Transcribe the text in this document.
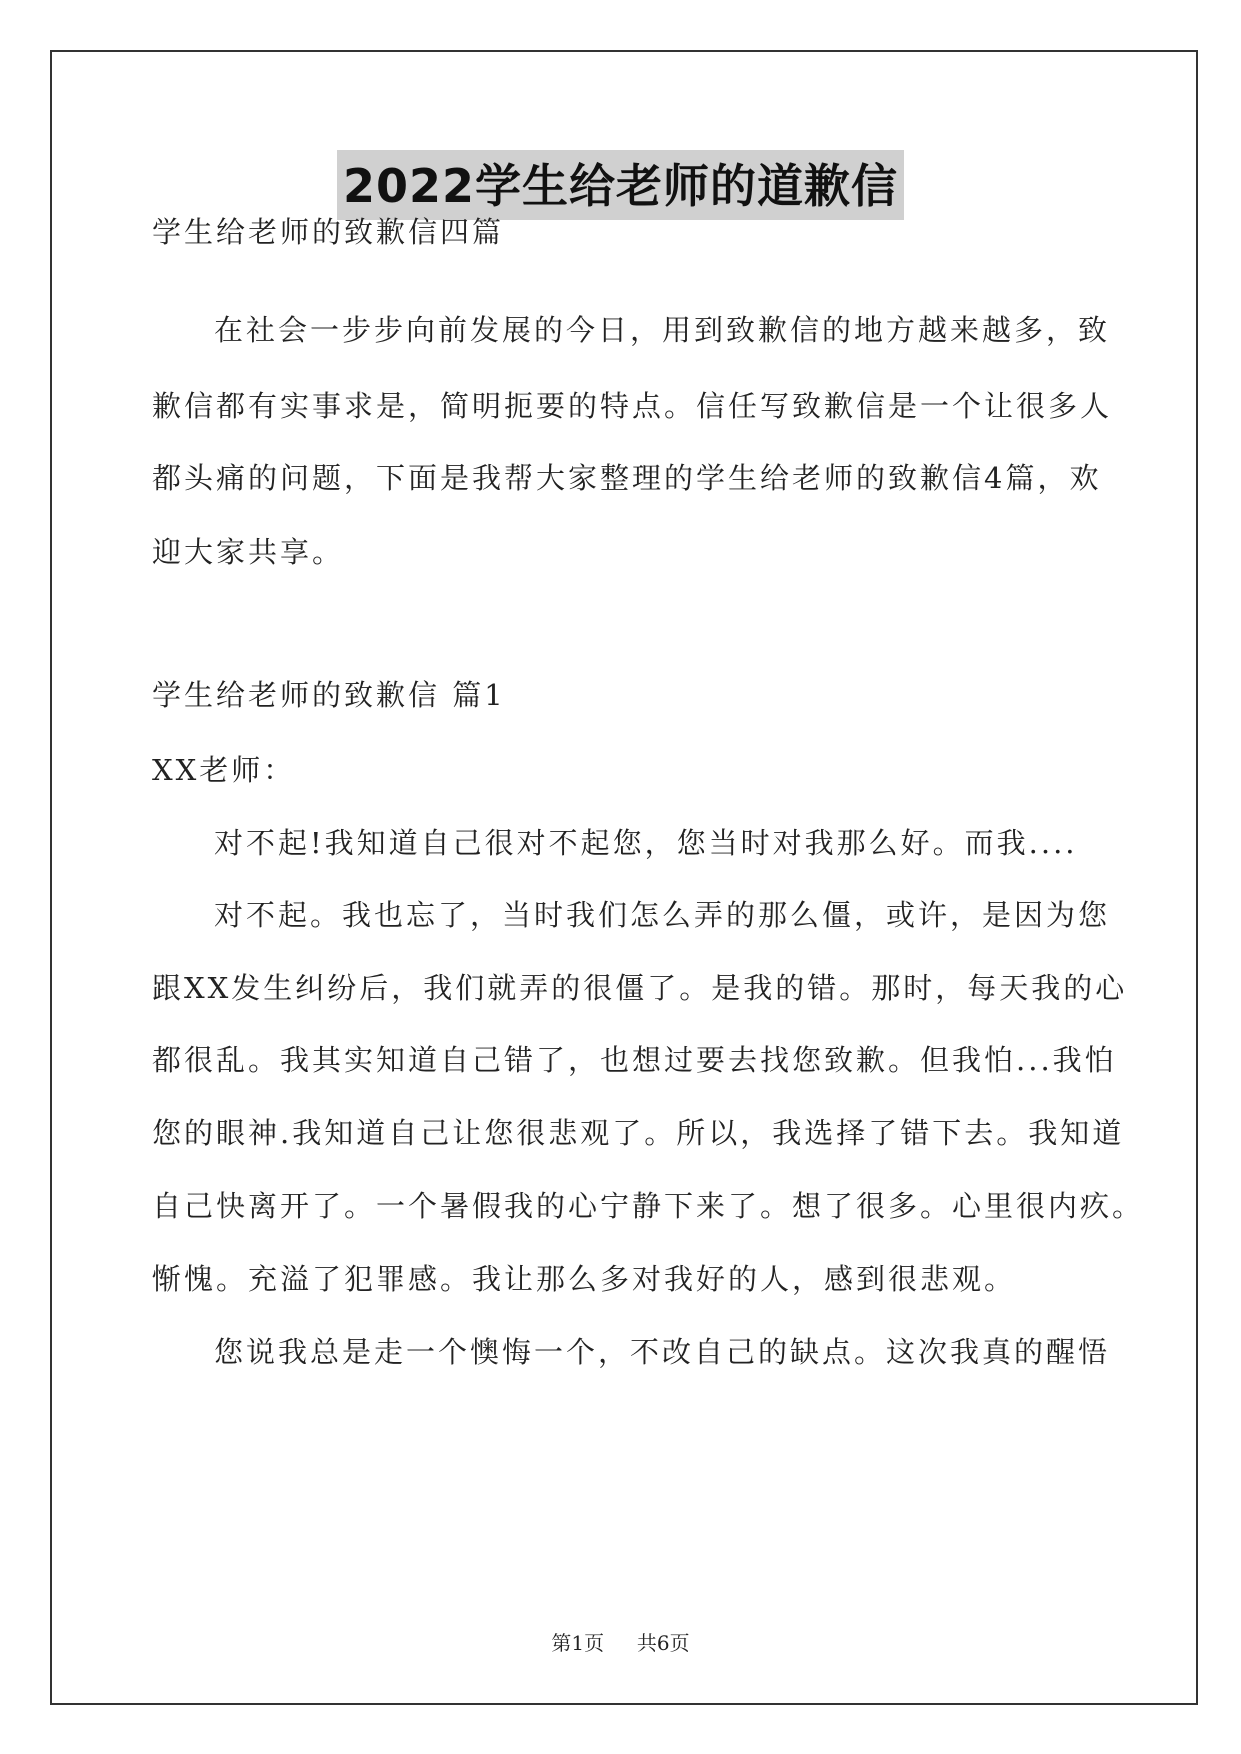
2022学生给老师的道歉信
学生给老师的致歉信四篇
在社会一步步向前发展的今日，用到致歉信的地方越来越多，致
歉信都有实事求是，简明扼要的特点。信任写致歉信是一个让很多人
都头痛的问题，下面是我帮大家整理的学生给老师的致歉信4篇，欢
迎大家共享。
学生给老师的致歉信 篇1
XX老师：
对不起!我知道自己很对不起您，您当时对我那么好。而我....
对不起。我也忘了，当时我们怎么弄的那么僵，或许，是因为您
跟XX发生纠纷后，我们就弄的很僵了。是我的错。那时，每天我的心
都很乱。我其实知道自己错了，也想过要去找您致歉。但我怕...我怕
您的眼神.我知道自己让您很悲观了。所以，我选择了错下去。我知道
自己快离开了。一个暑假我的心宁静下来了。想了很多。心里很内疚。
惭愧。充溢了犯罪感。我让那么多对我好的人，感到很悲观。
您说我总是走一个懊悔一个，不改自己的缺点。这次我真的醒悟
第1页 共6页
